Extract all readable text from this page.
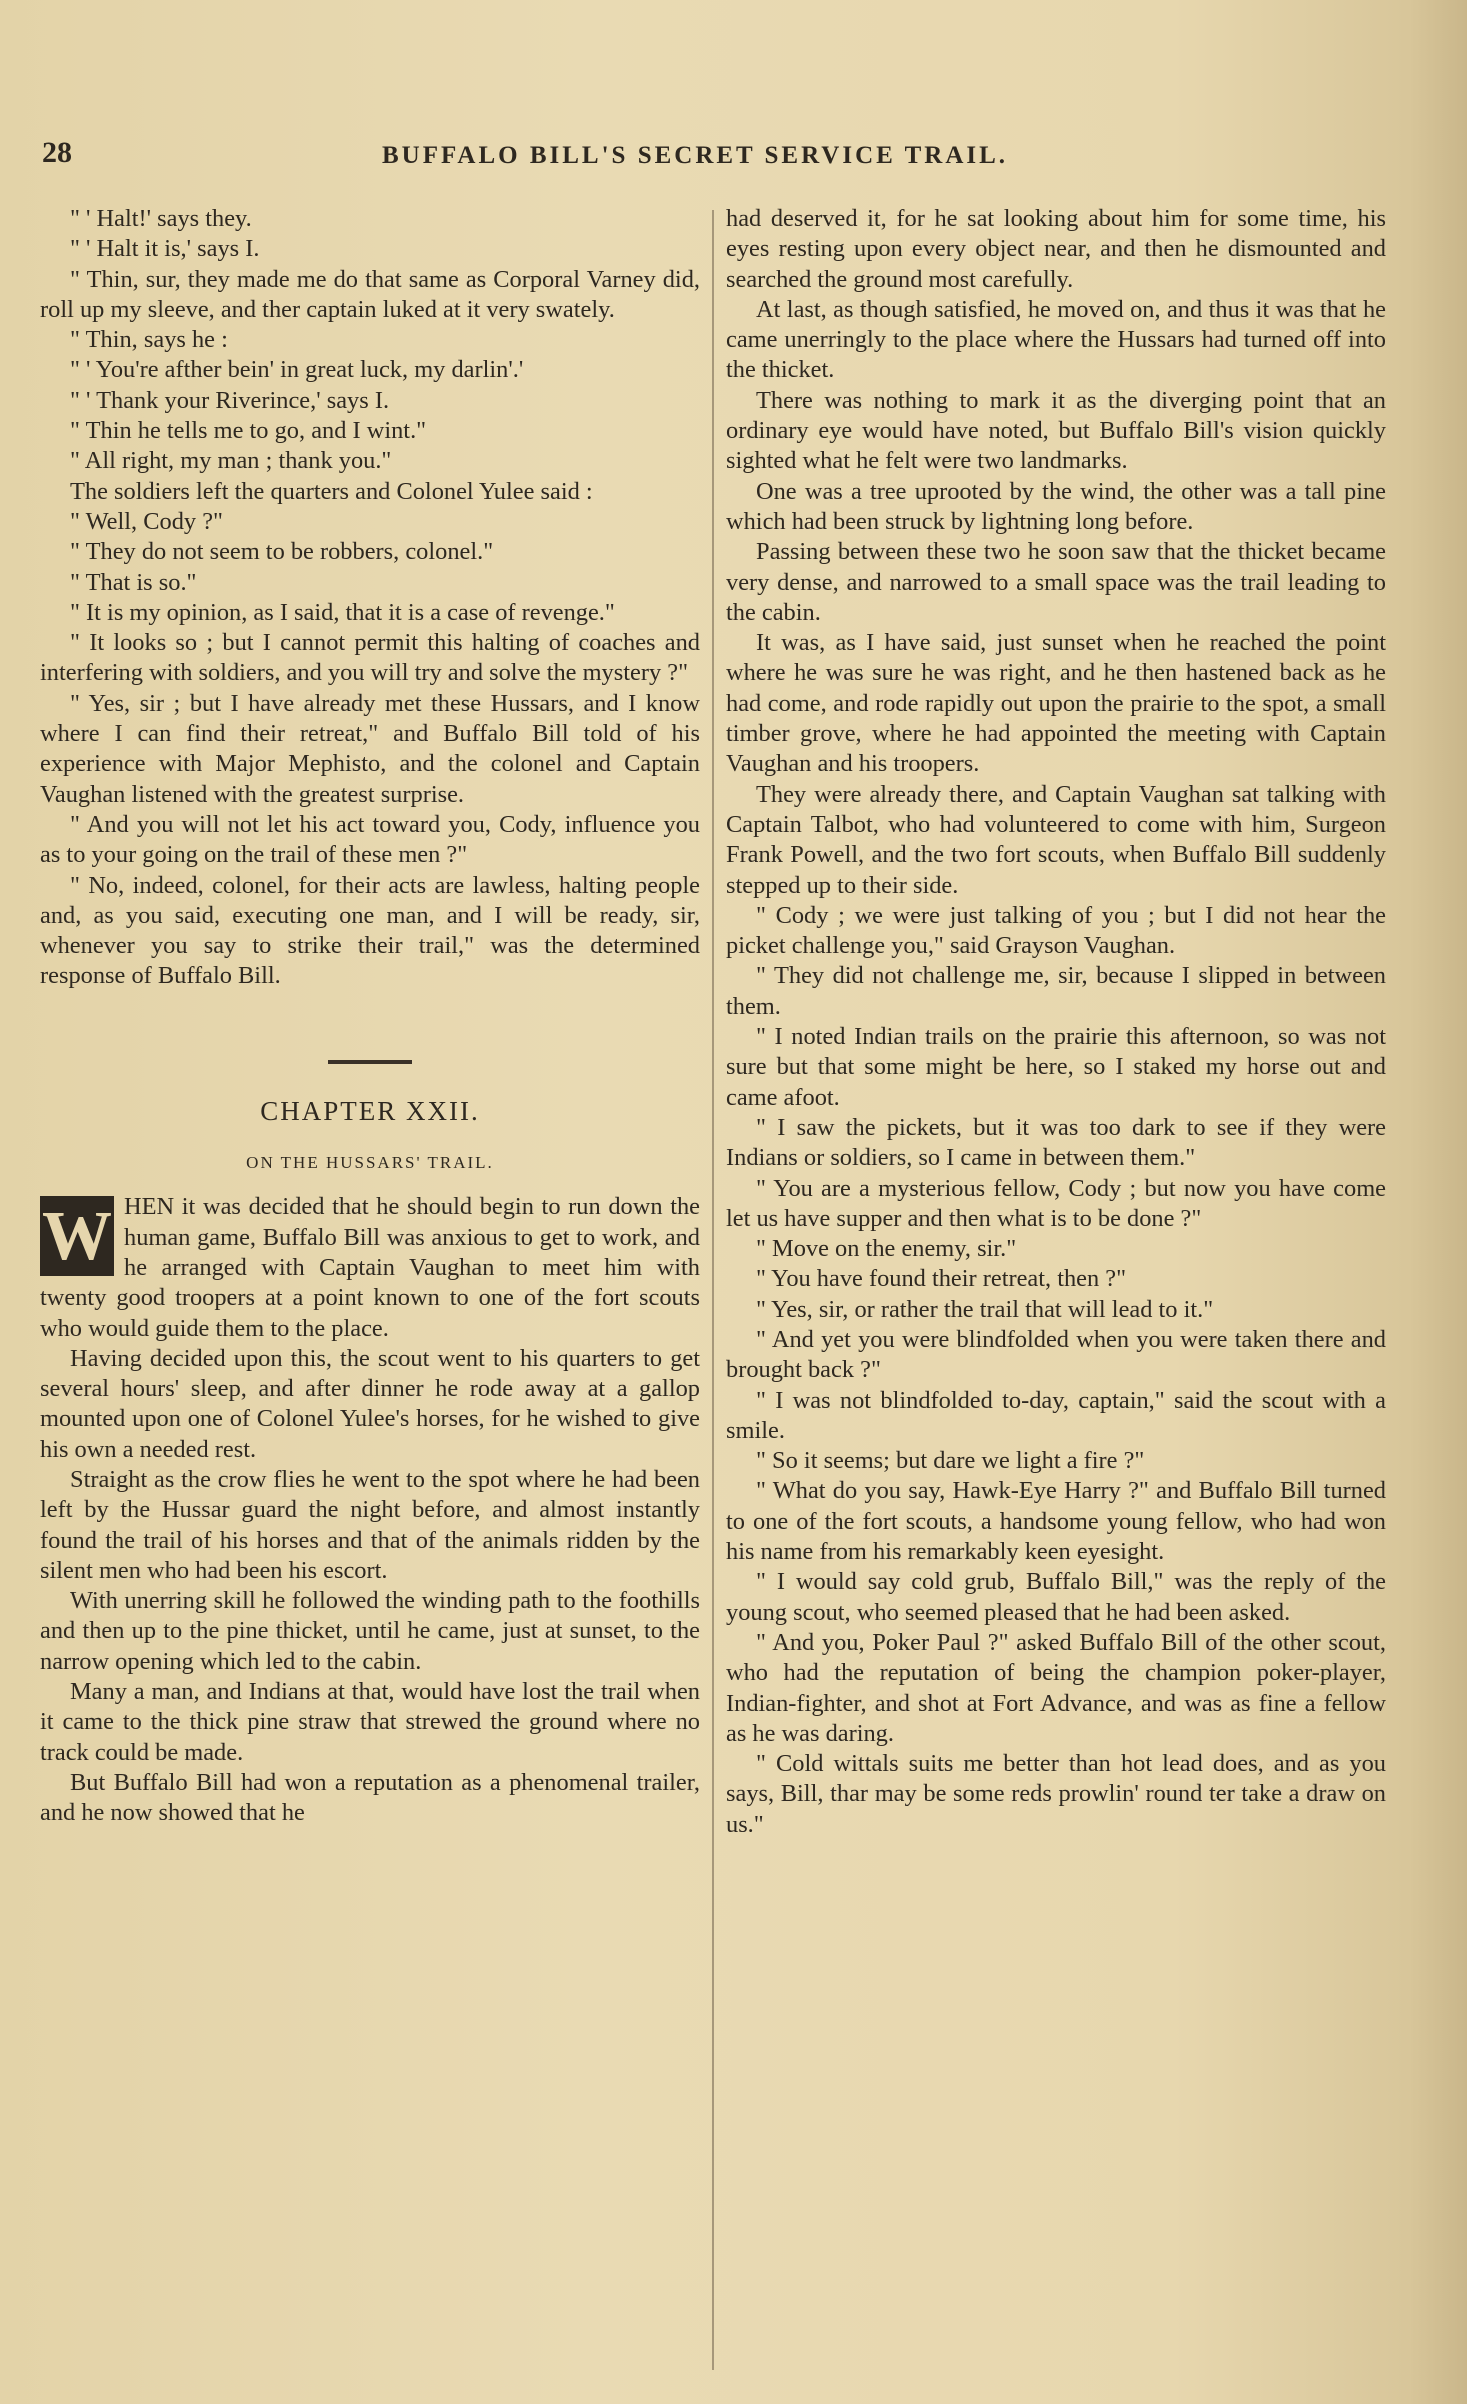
28	BUFFALO BILL'S SECRET SERVICE TRAIL.

" ' Halt!' says they.

" ' Halt it is,' says I.

" Thin, sur, they made me do that same as Corporal Varney did, roll up my sleeve, and ther captain luked at it very swately.

" Thin, says he :

" ' You're afther bein' in great luck, my darlin'.'

" ' Thank your Riverince,' says I.

" Thin he tells me to go, and I wint."

" All right, my man ; thank you."

The soldiers left the quarters and Colonel Yulee said :

" Well, Cody ?"

" They do not seem to be robbers, colonel."

" That is so."

" It is my opinion, as I said, that it is a case of revenge."

" It looks so ; but I cannot permit this halting of coaches and interfering with soldiers, and you will try and solve the mystery ?"

" Yes, sir ; but I have already met these Hussars, and I know where I can find their retreat," and Buffalo Bill told of his experience with Major Mephisto, and the colonel and Captain Vaughan listened with the greatest surprise.

" And you will not let his act toward you, Cody, influence you as to your going on the trail of these men ?"

" No, indeed, colonel, for their acts are lawless, halting people and, as you said, executing one man, and I will be ready, sir, whenever you say to strike their trail," was the determined response of Buffalo Bill.

CHAPTER XXII.
ON THE HUSSARS' TRAIL.
W HEN it was decided that he should begin to run down the human game, Buffalo Bill was anxious to get to work, and he arranged with Captain Vaughan to meet him with twenty good troopers at a point known to one of the fort scouts who would guide them to the place.

Having decided upon this, the scout went to his quarters to get several hours' sleep, and after dinner he rode away at a gallop mounted upon one of Colonel Yulee's horses, for he wished to give his own a needed rest.

Straight as the crow flies he went to the spot where he had been left by the Hussar guard the night before, and almost instantly found the trail of his horses and that of the animals ridden by the silent men who had been his escort.

With unerring skill he followed the winding path to the foothills and then up to the pine thicket, until he came, just at sunset, to the narrow opening which led to the cabin.

Many a man, and Indians at that, would have lost the trail when it came to the thick pine straw that strewed the ground where no track could be made.

But Buffalo Bill had won a reputation as a phenomenal trailer, and he now showed that he

had deserved it, for he sat looking about him for some time, his eyes resting upon every object near, and then he dismounted and searched the ground most carefully.

At last, as though satisfied, he moved on, and thus it was that he came unerringly to the place where the Hussars had turned off into the thicket.

There was nothing to mark it as the diverging point that an ordinary eye would have noted, but Buffalo Bill's vision quickly sighted what he felt were two landmarks.

One was a tree uprooted by the wind, the other was a tall pine which had been struck by lightning long before.

Passing between these two he soon saw that the thicket became very dense, and narrowed to a small space was the trail leading to the cabin.

It was, as I have said, just sunset when he reached the point where he was sure he was right, and he then hastened back as he had come, and rode rapidly out upon the prairie to the spot, a small timber grove, where he had appointed the meeting with Captain Vaughan and his troopers.

They were already there, and Captain Vaughan sat talking with Captain Talbot, who had volunteered to come with him, Surgeon Frank Powell, and the two fort scouts, when Buffalo Bill suddenly stepped up to their side.

" Cody ; we were just talking of you ; but I did not hear the picket challenge you," said Grayson Vaughan.

" They did not challenge me, sir, because I slipped in between them.

" I noted Indian trails on the prairie this afternoon, so was not sure but that some might be here, so I staked my horse out and came afoot.

" I saw the pickets, but it was too dark to see if they were Indians or soldiers, so I came in between them."

" You are a mysterious fellow, Cody ; but now you have come let us have supper and then what is to be done ?"

" Move on the enemy, sir."

" You have found their retreat, then ?"

" Yes, sir, or rather the trail that will lead to it."

" And yet you were blindfolded when you were taken there and brought back ?"

" I was not blindfolded to-day, captain," said the scout with a smile.

" So it seems; but dare we light a fire ?"

" What do you say, Hawk-Eye Harry ?" and Buffalo Bill turned to one of the fort scouts, a handsome young fellow, who had won his name from his remarkably keen eyesight.

" I would say cold grub, Buffalo Bill," was the reply of the young scout, who seemed pleased that he had been asked.

" And you, Poker Paul ?" asked Buffalo Bill of the other scout, who had the reputation of being the champion poker-player, Indian-fighter, and shot at Fort Advance, and was as fine a fellow as he was daring.

" Cold wittals suits me better than hot lead does, and as you says, Bill, thar may be some reds prowlin' round ter take a draw on us."
